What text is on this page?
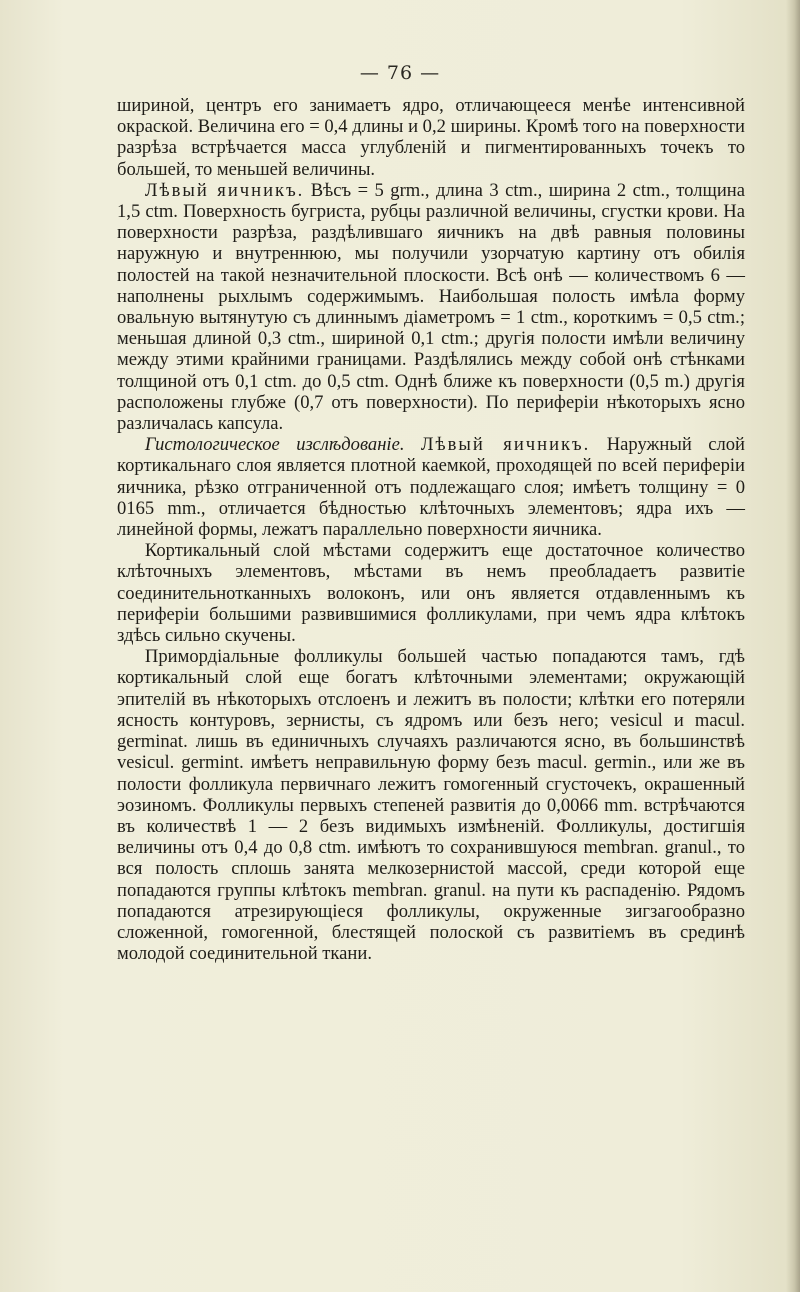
— 76 —

шириной, центръ его занимаетъ ядро, отличающееся менѣе интенсивной окраской. Величина его = 0,4 длины и 0,2 ширины. Кромѣ того на поверхности разрѣза встрѣчается масса углубленій и пигментированныхъ точекъ то большей, то меньшей величины.

Лѣвый яичникъ. Вѣсъ = 5 grm., длина 3 ctm., ширина 2 ctm., толщина 1,5 ctm. Поверхность бугриста, рубцы различной величины, сгустки крови. На поверхности разрѣза, раздѣлившаго яичникъ на двѣ равныя половины наружную и внутреннюю, мы получили узорчатую картину отъ обилія полостей на такой незначительной плоскости. Всѣ онѣ — количествомъ 6 — наполнены рыхлымъ содержимымъ. Наибольшая полость имѣла форму овальную вытянутую съ длиннымъ діаметромъ = 1 ctm., короткимъ = 0,5 ctm.; меньшая длиной 0,3 ctm., шириной 0,1 ctm.; другія полости имѣли величину между этими крайними границами. Раздѣлялись между собой онѣ стѣнками толщиной отъ 0,1 ctm. до 0,5 ctm. Однѣ ближе къ поверхности (0,5 m.) другія расположены глубже (0,7 отъ поверхности). По периферіи нѣкоторыхъ ясно различалась капсула.

Гистологическое изслѣдованіе. Лѣвый яичникъ. Наружный слой кортикальнаго слоя является плотной каемкой, проходящей по всей периферіи яичника, рѣзко отграниченной отъ подлежащаго слоя; имѣетъ толщину = 0 0165 mm., отличается бѣдностью клѣточныхъ элементовъ; ядра ихъ — линейной формы, лежатъ параллельно поверхности яичника.

Кортикальный слой мѣстами содержитъ еще достаточное количество клѣточныхъ элементовъ, мѣстами въ немъ преобладаетъ развитіе соединительнотканныхъ волоконъ, или онъ является отдавленнымъ къ периферіи большими развившимися фолликулами, при чемъ ядра клѣтокъ здѣсь сильно скучены.

Примордіальные фолликулы большей частью попадаются тамъ, гдѣ кортикальный слой еще богатъ клѣточными элементами; окружающій эпителій въ нѣкоторыхъ отслоенъ и лежитъ въ полости; клѣтки его потеряли ясность контуровъ, зернисты, съ ядромъ или безъ него; vesicul и macul. germinat. лишь въ единичныхъ случаяхъ различаются ясно, въ большинствѣ vesicul. germint. имѣетъ неправильную форму безъ macul. germin., или же въ полости фолликула первичнаго лежитъ гомогенный сгусточекъ, окрашенный эозиномъ. Фолликулы первыхъ степеней развитія до 0,0066 mm. встрѣчаются въ количествѣ 1 — 2 безъ видимыхъ измѣненій. Фолликулы, достигшія величины отъ 0,4 до 0,8 ctm. имѣютъ то сохранившуюся membran. granul., то вся полость сплошь занята мелкозернистой массой, среди которой еще попадаются группы клѣтокъ membran. granul. на пути къ распаденію. Рядомъ попадаются атрезирующіеся фолликулы, окруженные зигзагообразно сложенной, гомогенной, блестящей полоской съ развитіемъ въ срединѣ молодой соединительной ткани.
